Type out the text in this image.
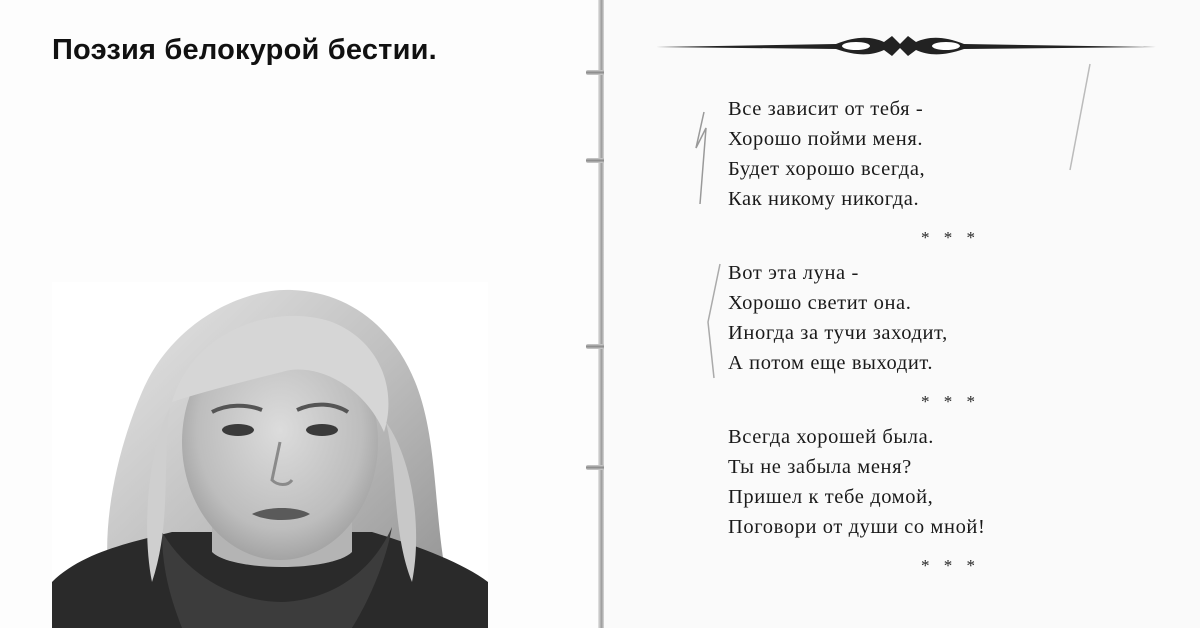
Поэзия белокурой бестии.
Все зависит от тебя -
Хорошо пойми меня.
Будет хорошо всегда,
Как никому никогда.
* * *
Вот эта луна -
Хорошо светит она.
Иногда за тучи заходит,
А потом еще выходит.
* * *
Всегда хорошей была.
Ты не забыла меня?
Пришел к тебе домой,
Поговори от души со мной!
* * *
